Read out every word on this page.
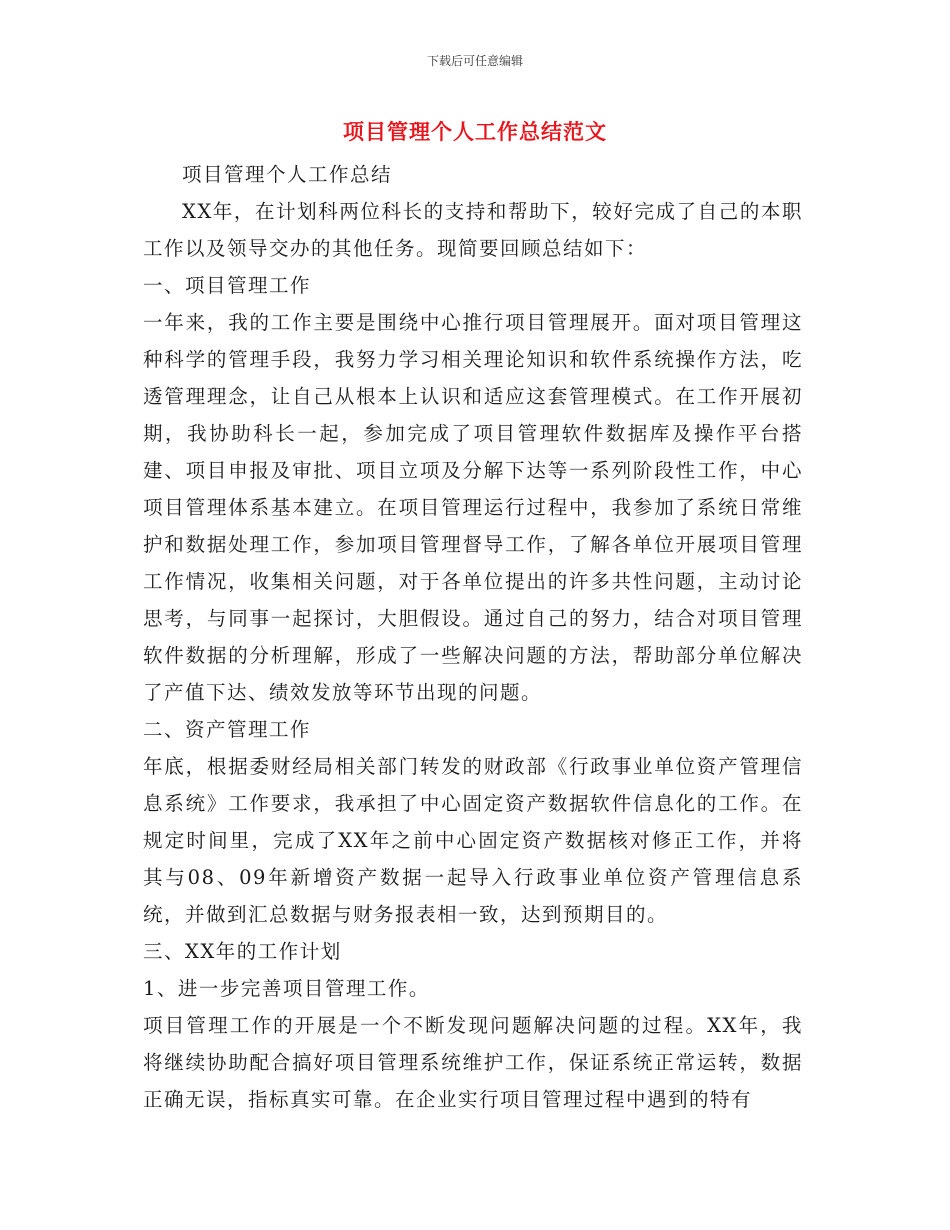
下载后可任意编辑
项目管理个人工作总结范文

项目管理个人工作总结

XX年，在计划科两位科长的支持和帮助下，较好完成了自己的本职工作以及领导交办的其他任务。现简要回顾总结如下：

一、项目管理工作

一年来，我的工作主要是围绕中心推行项目管理展开。面对项目管理这种科学的管理手段，我努力学习相关理论知识和软件系统操作方法，吃透管理理念，让自己从根本上认识和适应这套管理模式。在工作开展初期，我协助科长一起，参加完成了项目管理软件数据库及操作平台搭建、项目申报及审批、项目立项及分解下达等一系列阶段性工作，中心项目管理体系基本建立。在项目管理运行过程中，我参加了系统日常维护和数据处理工作，参加项目管理督导工作，了解各单位开展项目管理工作情况，收集相关问题，对于各单位提出的许多共性问题，主动讨论思考，与同事一起探讨，大胆假设。通过自己的努力，结合对项目管理软件数据的分析理解，形成了一些解决问题的方法，帮助部分单位解决了产值下达、绩效发放等环节出现的问题。

二、资产管理工作

年底，根据委财经局相关部门转发的财政部《行政事业单位资产管理信息系统》工作要求，我承担了中心固定资产数据软件信息化的工作。在规定时间里，完成了XX年之前中心固定资产数据核对修正工作，并将其与08、09年新增资产数据一起导入行政事业单位资产管理信息系统，并做到汇总数据与财务报表相一致，达到预期目的。

三、XX年的工作计划

1、进一步完善项目管理工作。

项目管理工作的开展是一个不断发现问题解决问题的过程。XX年，我将继续协助配合搞好项目管理系统维护工作，保证系统正常运转，数据正确无误，指标真实可靠。在企业实行项目管理过程中遇到的特有
